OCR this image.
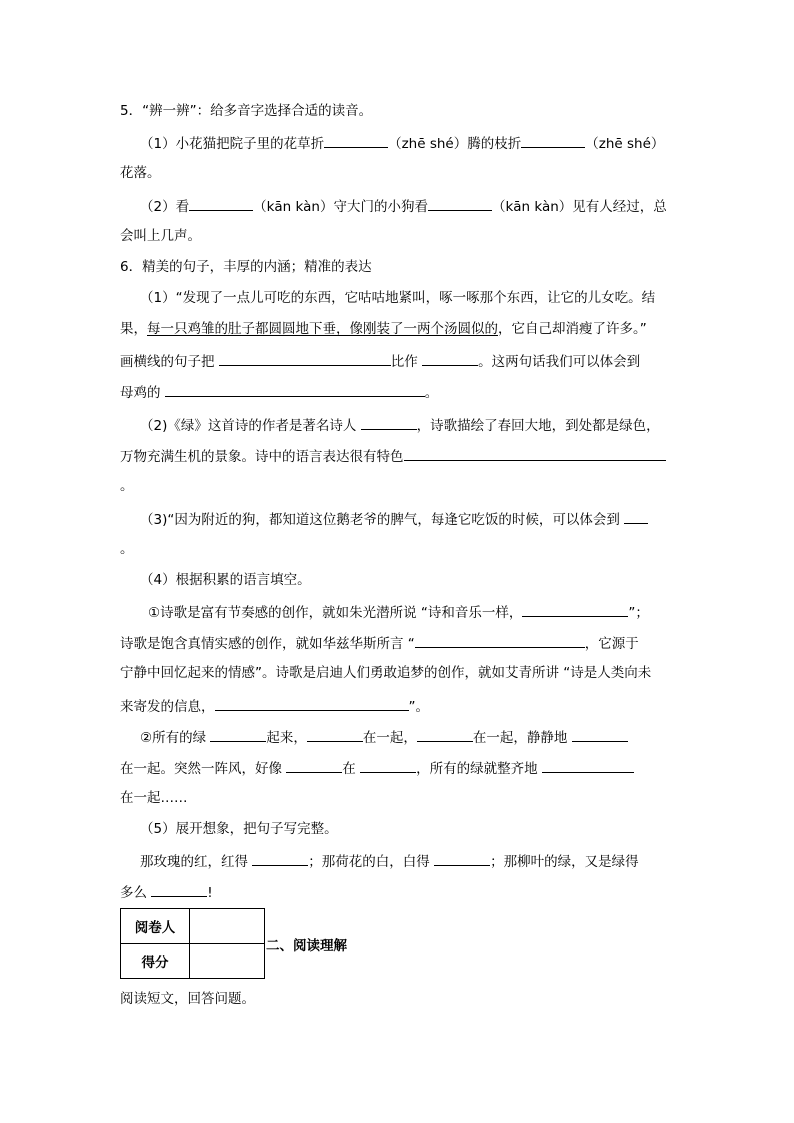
5．“辨一辨”：给多音字选择合适的读音。
（1）小花猫把院子里的花草折	（zhē shé）腾的枝折	（zhē shé）
花落。
（2）看	（kān kàn）守大门的小狗看	（kān kàn）见有人经过，总
会叫上几声。
6．精美的句子，丰厚的内涵；精准的表达
（1）“发现了一点儿可吃的东西，它咕咕地紧叫，啄一啄那个东西，让它的儿女吃。结
果，每一只鸡雏的肚子都圆圆地下垂，像刚装了一两个汤圆似的，它自己却消瘦了许多。”
画横线的句子把	比作	。这两句话我们可以体会到
母鸡的	。
（2)《绿》这首诗的作者是著名诗人	，诗歌描绘了春回大地，到处都是绿色，
万物充满生机的景象。诗中的语言表达很有特色
。
（3)“因为附近的狗，都知道这位鹅老爷的脾气，每逢它吃饭的时候，可以体会到
。
（4）根据积累的语言填空。
①诗歌是富有节奏感的创作，就如朱光潜所说 “诗和音乐一样，	”；
诗歌是饱含真情实感的创作，就如华兹华斯所言 “	，它源于
宁静中回忆起来的情感”。诗歌是启迪人们勇敢追梦的创作，就如艾青所讲 “诗是人类向未
来寄发的信息，	”。
②所有的绿	起来，	在一起，	在一起，静静地
在一起。突然一阵风，好像	在	，所有的绿就整齐地
在一起……
（5）展开想象，把句子写完整。
那玫瑰的红，红得	；那荷花的白，白得	；那柳叶的绿，又是绿得
多么	!
阅卷人	
得分	
二、阅读理解
阅读短文，回答问题。
